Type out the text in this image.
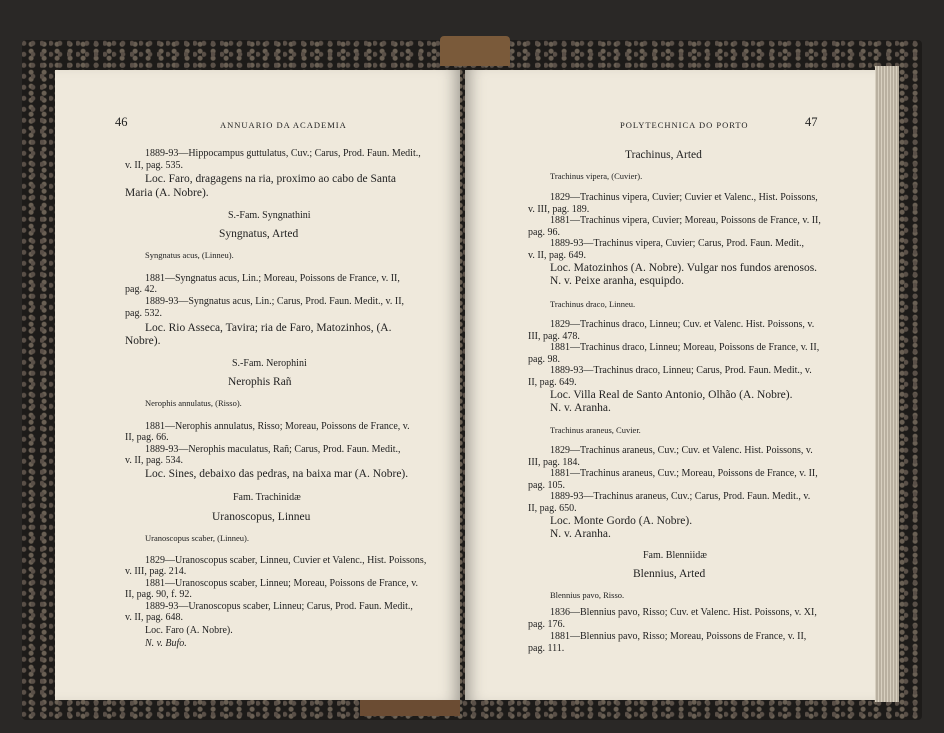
46	ANNUARIO DA ACADEMIA
1889-93—Hippocampus guttulatus, Cuv.; Carus, Prod. Faun. Medit.,
v. II, pag. 535.
Loc. Faro, dragagens na ria, proximo ao cabo de Santa
Maria (A. Nobre).
S.-Fam. Syngnathini
Syngnatus, Arted
Syngnatus acus, (Linneu).
1881—Syngnatus acus, Lin.; Moreau, Poissons de France, v. II,
pag. 42.
1889-93—Syngnatus acus, Lin.; Carus, Prod. Faun. Medit., v. II,
pag. 532.
Loc. Rio Asseca, Tavira; ria de Faro, Matozinhos, (A.
Nobre).
S.-Fam. Nerophini
Nerophis Rañ
Nerophis annulatus, (Risso).
1881—Nerophis annulatus, Risso; Moreau, Poissons de France, v.
II, pag. 66.
1889-93—Nerophis maculatus, Rañ; Carus, Prod. Faun. Medit.,
v. II, pag. 534.
Loc. Sines, debaixo das pedras, na baixa mar (A. Nobre).
Fam. Trachinidæ
Uranoscopus, Linneu
Uranoscopus scaber, (Linneu).
1829—Uranoscopus scaber, Linneu, Cuvier et Valenc., Hist. Poissons,
v. III, pag. 214.
1881—Uranoscopus scaber, Linneu; Moreau, Poissons de France, v.
II, pag. 90, f. 92.
1889-93—Uranoscopus scaber, Linneu; Carus, Prod. Faun. Medit.,
v. II, pag. 648.
Loc. Faro (A. Nobre).
N. v. Bufo.
POLYTECHNICA DO PORTO	47
Trachinus, Arted
Trachinus vipera, (Cuvier).
1829—Trachinus vipera, Cuvier; Cuvier et Valenc., Hist. Poissons,
v. III, pag. 189.
1881—Trachinus vipera, Cuvier; Moreau, Poissons de France, v. II,
pag. 96.
1889-93—Trachinus vipera, Cuvier; Carus, Prod. Faun. Medit.,
v. II, pag. 649.
Loc. Matozinhos (A. Nobre). Vulgar nos fundos arenosos.
N. v. Peixe aranha, esquipdo.
Trachinus draco, Linneu.
1829—Trachinus draco, Linneu; Cuv. et Valenc. Hist. Poissons, v.
III, pag. 478.
1881—Trachinus draco, Linneu; Moreau, Poissons de France, v. II,
pag. 98.
1889-93—Trachinus draco, Linneu; Carus, Prod. Faun. Medit., v.
II, pag. 649.
Loc. Villa Real de Santo Antonio, Olhão (A. Nobre).
N. v. Aranha.
Trachinus araneus, Cuvier.
1829—Trachinus araneus, Cuv.; Cuv. et Valenc. Hist. Poissons, v.
III, pag. 184.
1881—Trachinus araneus, Cuv.; Moreau, Poissons de France, v. II,
pag. 105.
1889-93—Trachinus araneus, Cuv.; Carus, Prod. Faun. Medit., v.
II, pag. 650.
Loc. Monte Gordo (A. Nobre).
N. v. Aranha.
Fam. Blenniidæ
Blennius, Arted
Blennius pavo, Risso.
1836—Blennius pavo, Risso; Cuv. et Valenc. Hist. Poissons, v. XI,
pag. 176.
1881—Blennius pavo, Risso; Moreau, Poissons de France, v. II,
pag. 111.
